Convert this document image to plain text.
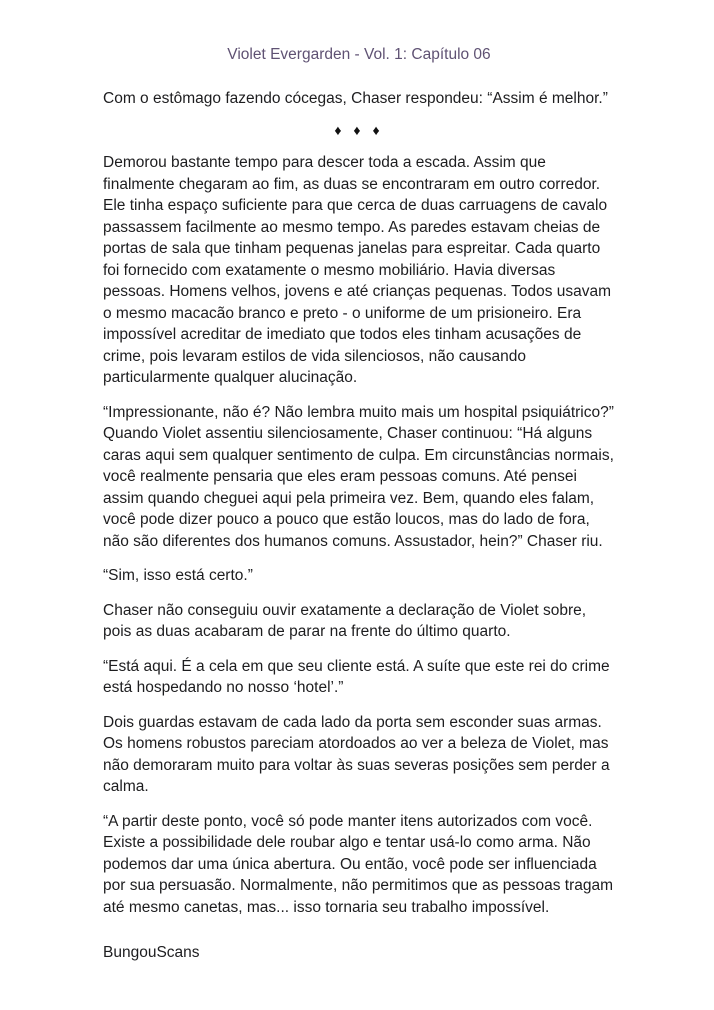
Violet Evergarden - Vol. 1: Capítulo 06

Com o estômago fazendo cócegas, Chaser respondeu: “Assim é melhor.”

♦ ♦ ♦

Demorou bastante tempo para descer toda a escada. Assim que finalmente chegaram ao fim, as duas se encontraram em outro corredor. Ele tinha espaço suficiente para que cerca de duas carruagens de cavalo passassem facilmente ao mesmo tempo. As paredes estavam cheias de portas de sala que tinham pequenas janelas para espreitar. Cada quarto foi fornecido com exatamente o mesmo mobiliário. Havia diversas pessoas. Homens velhos, jovens e até crianças pequenas. Todos usavam o mesmo macacão branco e preto - o uniforme de um prisioneiro. Era impossível acreditar de imediato que todos eles tinham acusações de crime, pois levaram estilos de vida silenciosos, não causando particularmente qualquer alucinação.

“Impressionante, não é? Não lembra muito mais um hospital psiquiátrico?” Quando Violet assentiu silenciosamente, Chaser continuou: “Há alguns caras aqui sem qualquer sentimento de culpa. Em circunstâncias normais, você realmente pensaria que eles eram pessoas comuns. Até pensei assim quando cheguei aqui pela primeira vez. Bem, quando eles falam, você pode dizer pouco a pouco que estão loucos, mas do lado de fora, não são diferentes dos humanos comuns. Assustador, hein?” Chaser riu.

“Sim, isso está certo.”

Chaser não conseguiu ouvir exatamente a declaração de Violet sobre, pois as duas acabaram de parar na frente do último quarto.

“Está aqui. É a cela em que seu cliente está. A suíte que este rei do crime está hospedando no nosso ‘hotel’.”

Dois guardas estavam de cada lado da porta sem esconder suas armas. Os homens robustos pareciam atordoados ao ver a beleza de Violet, mas não demoraram muito para voltar às suas severas posições sem perder a calma.

“A partir deste ponto, você só pode manter itens autorizados com você. Existe a possibilidade dele roubar algo e tentar usá-lo como arma. Não podemos dar uma única abertura. Ou então, você pode ser influenciada por sua persuasão. Normalmente, não permitimos que as pessoas tragam até mesmo canetas, mas... isso tornaria seu trabalho impossível.

BungouScans
